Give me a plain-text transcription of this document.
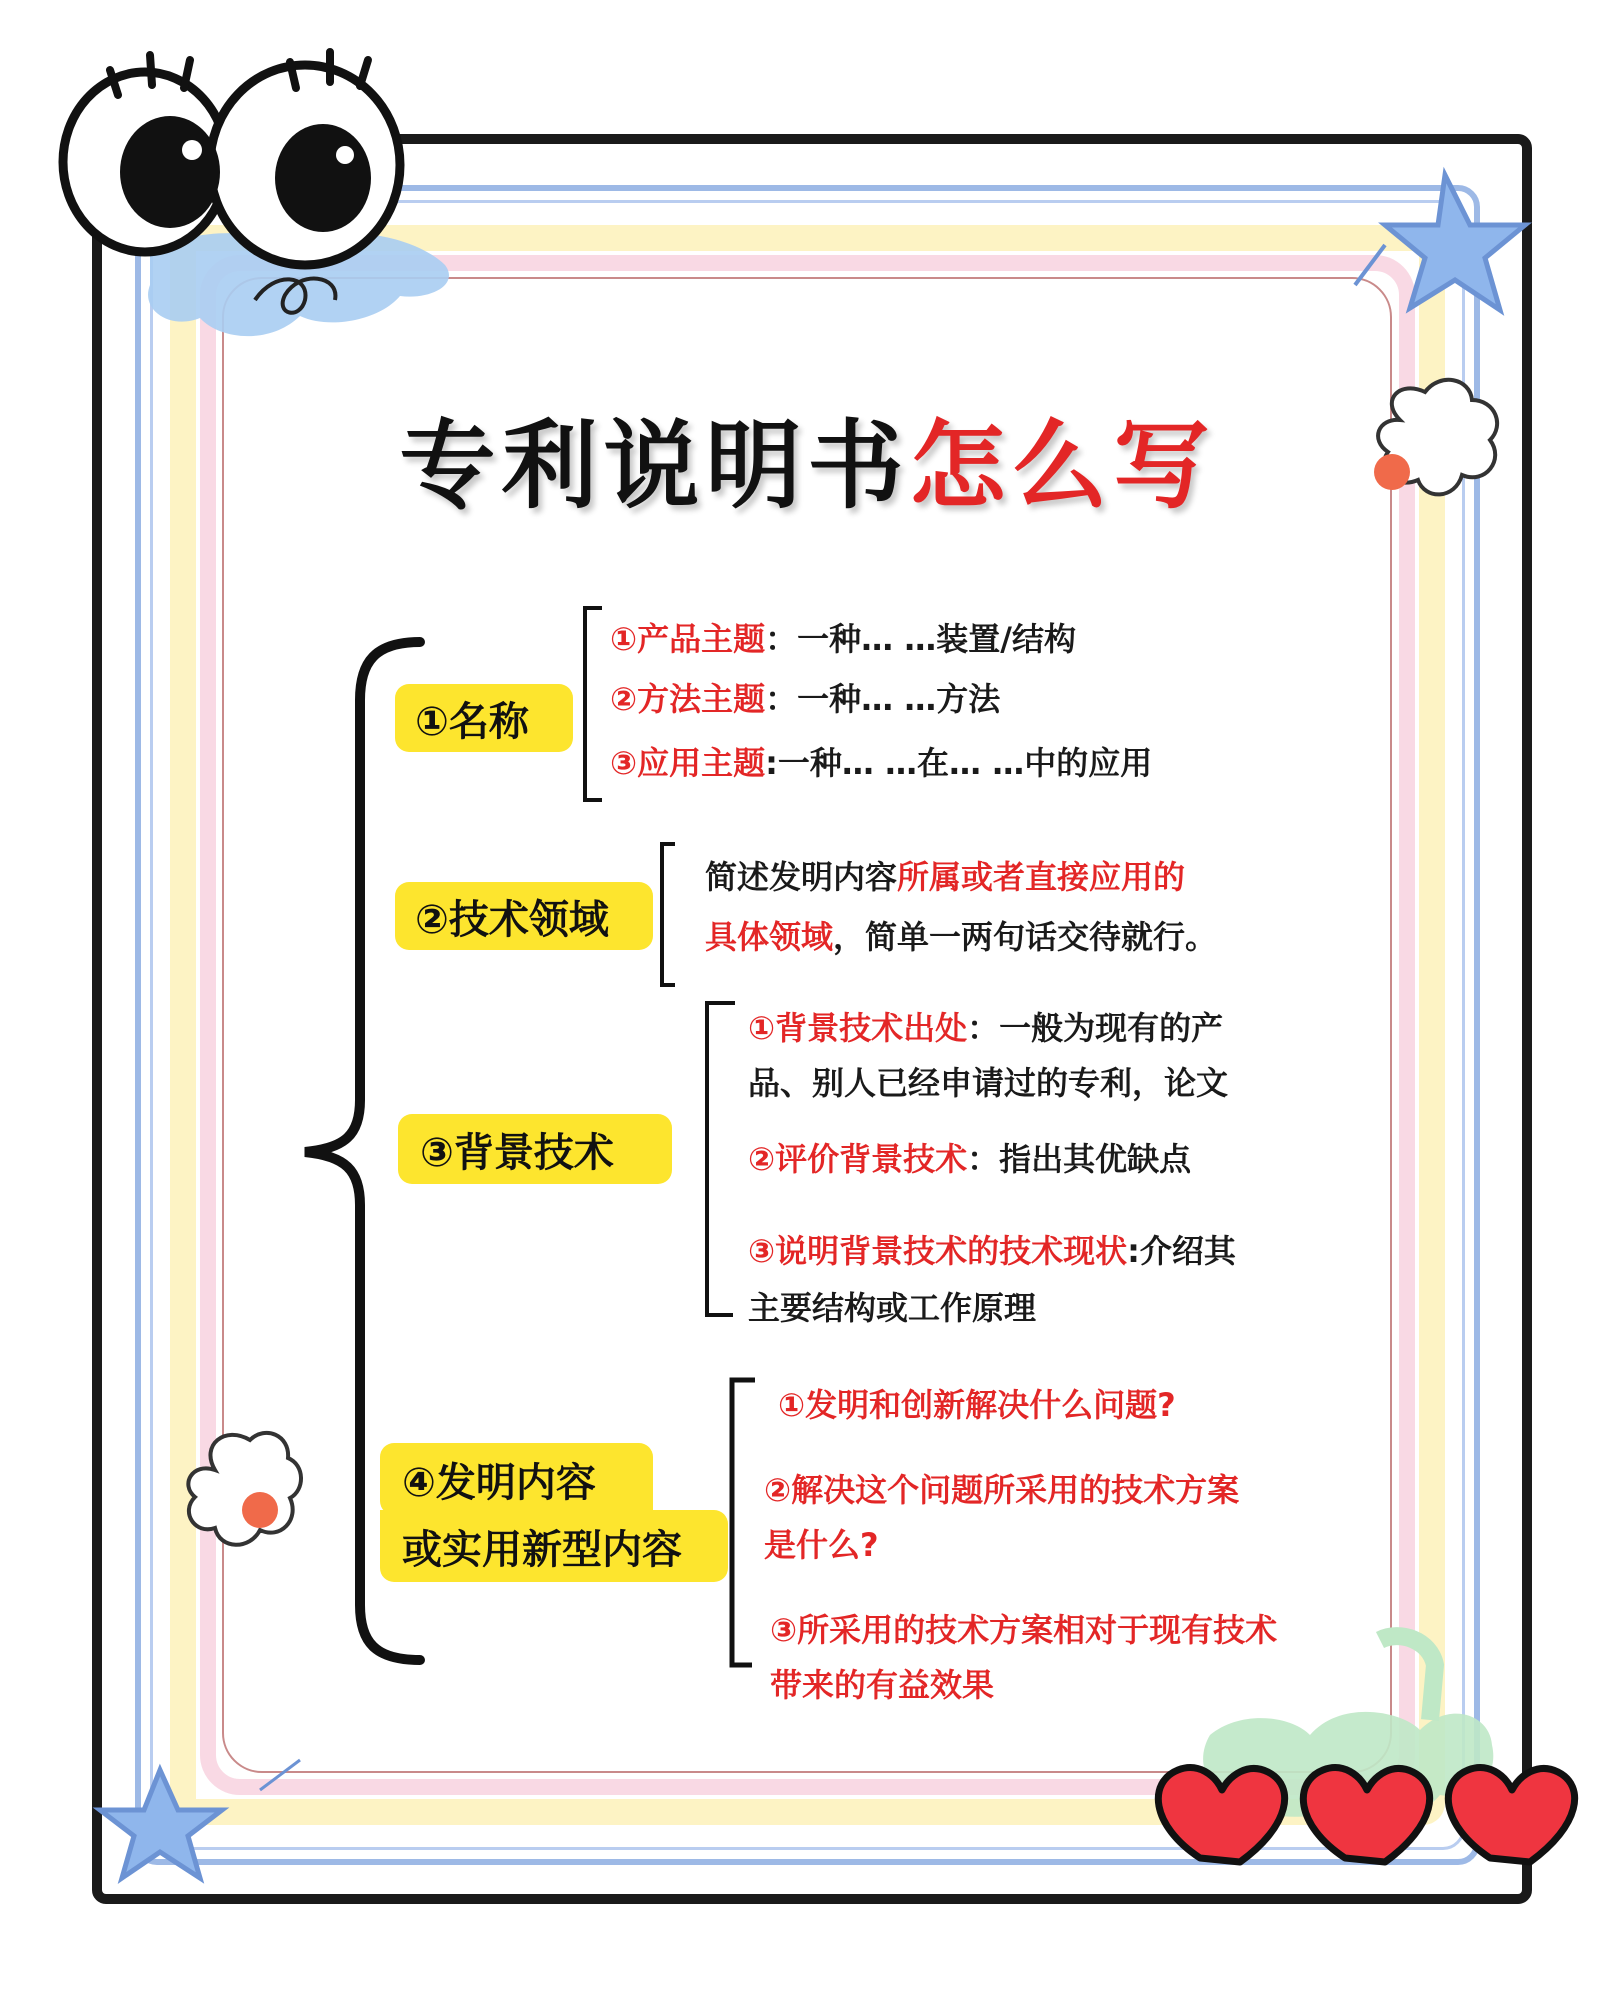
专利说明书怎么写
①名称
①产品主题：一种… …装置/结构
②方法主题：一种… …方法
③应用主题:一种… …在… …中的应用
②技术领域
简述发明内容所属或者直接应用的
具体领域，简单一两句话交待就行。
③背景技术
①背景技术出处：一般为现有的产
品、别人已经申请过的专利，论文
②评价背景技术：指出其优缺点
③说明背景技术的技术现状:介绍其
主要结构或工作原理
④发明内容
或实用新型内容
①发明和创新解决什么问题?
②解决这个问题所采用的技术方案
是什么?
③所采用的技术方案相对于现有技术
带来的有益效果
